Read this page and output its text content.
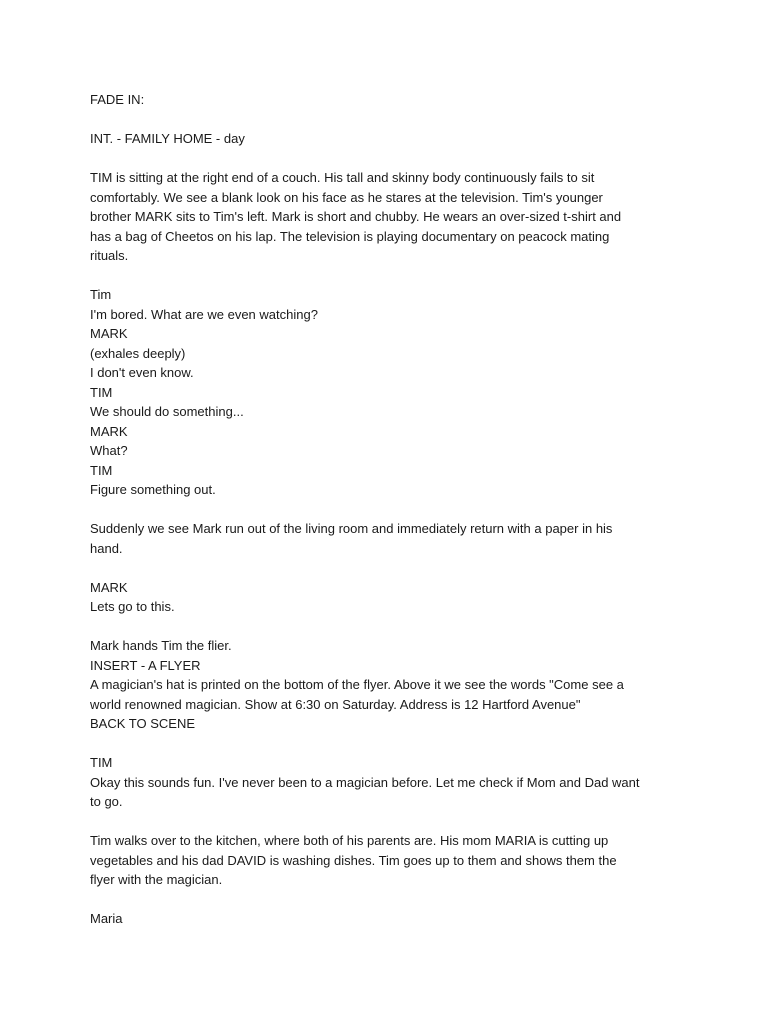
FADE IN:

INT. - FAMILY HOME - day

TIM is sitting at the right end of a couch. His tall and skinny body continuously fails to sit
comfortably. We see a blank look on his face as he stares at the television. Tim's younger
brother MARK sits to Tim's left. Mark is short and chubby. He wears an over-sized t-shirt and
has a bag of Cheetos on his lap. The television is playing documentary on peacock mating
rituals.

Tim
I'm bored. What are we even watching?
MARK
(exhales deeply)
I don't even know.
TIM
We should do something...
MARK
What?
TIM
Figure something out.

Suddenly we see Mark run out of the living room and immediately return with a paper in his
hand.

MARK
Lets go to this.

Mark hands Tim the flier.
INSERT - A FLYER
A magician's hat is printed on the bottom of the flyer. Above it we see the words "Come see a
world renowned magician. Show at 6:30 on Saturday. Address is 12 Hartford Avenue"
BACK TO SCENE

TIM
Okay this sounds fun. I've never been to a magician before. Let me check if Mom and Dad want
to go.

Tim walks over to the kitchen, where both of his parents are. His mom MARIA is cutting up
vegetables and his dad DAVID is washing dishes. Tim goes up to them and shows them the
flyer with the magician.

Maria
